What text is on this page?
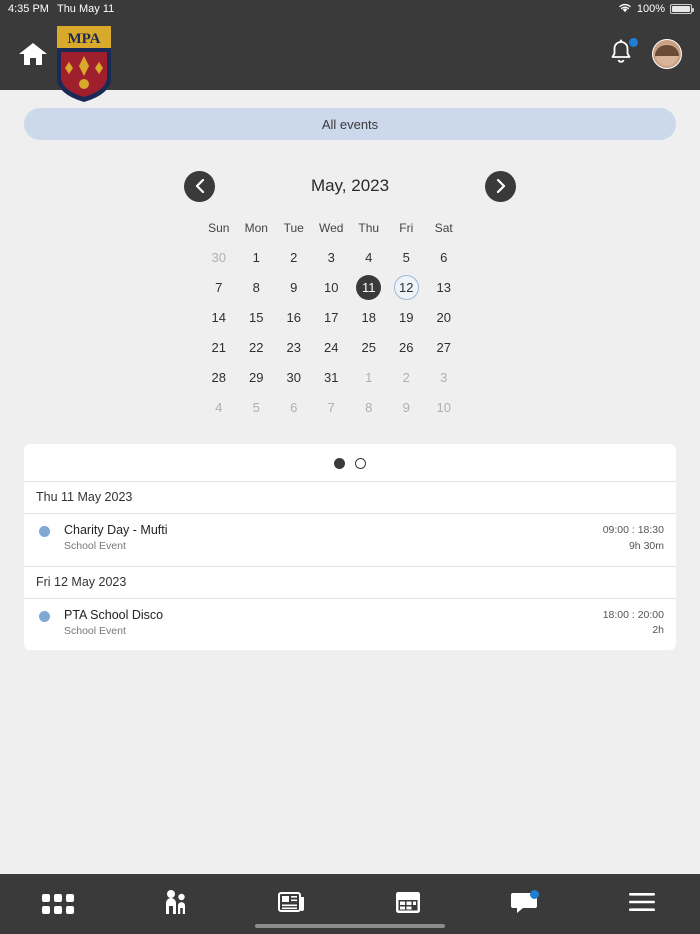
4:35 PM Thu May 11	100%
MPA
All events
May, 2023
Sun	Mon	Tue	Wed	Thu	Fri	Sat
30	1	2	3	4	5	6
7	8	9	10	11	12	13
14	15	16	17	18	19	20
21	22	23	24	25	26	27
28	29	30	31	1	2	3
4	5	6	7	8	9	10
Thu 11 May 2023
Charity Day - Mufti
School Event
09:00 : 18:30
9h 30m
Fri 12 May 2023
PTA School Disco
School Event
18:00 : 20:00
2h
